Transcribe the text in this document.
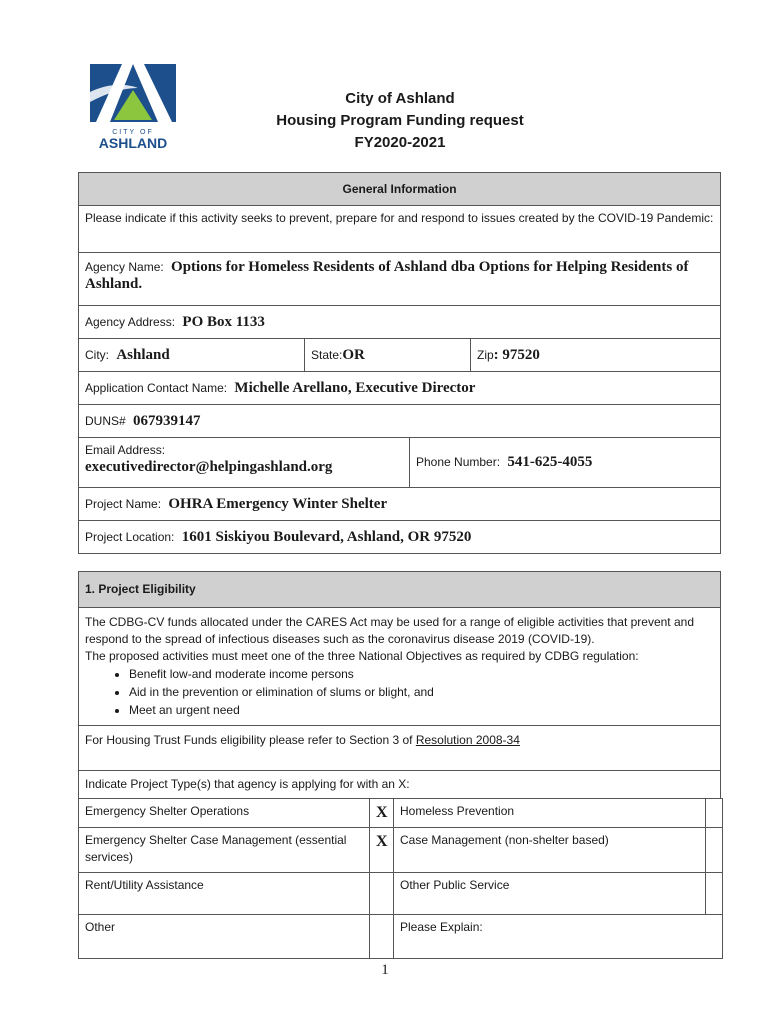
CITY OF
ASHLAND
City of Ashland
Housing Program Funding request
FY2020-2021
General Information			
Please indicate if this activity seeks to prevent, prepare for and respond to issues created by the COVID-19 Pandemic:			
Agency Name: Options for Homeless Residents of Ashland dba Options for Helping Residents of Ashland.			
Agency Address: PO Box 1133			
City: Ashland	State:OR		Zip: 97520
Application Contact Name: Michelle Arellano, Executive Director			
DUNS# 067939147			

Email Address:
executivedirector@helpingashland.org		Phone Number: 541-625-4055	
Project Name: OHRA Emergency Winter Shelter			
Project Location: 1601 Siskiyou Boulevard, Ashland, OR 97520			
1. Project Eligibility

The CDBG-CV funds allocated under the CARES Act may be used for a range of eligible activities that prevent and respond to the spread of infectious diseases such as the coronavirus disease 2019 (COVID-19).
The proposed activities must meet one of the three National Objectives as required by CDBG regulation:
• Benefit low-and moderate income persons
• Aid in the prevention or elimination of slums or blight, and
• Meet an urgent need

For Housing Trust Funds eligibility please refer to Section 3 of Resolution 2008-34
Indicate Project Type(s) that agency is applying for with an X:
Emergency Shelter Operations	X	Homeless Prevention	
Emergency Shelter Case Management (essential services)	X	Case Management (non-shelter based)	
Rent/Utility Assistance		Other Public Service	
Other		Please Explain:	
1
